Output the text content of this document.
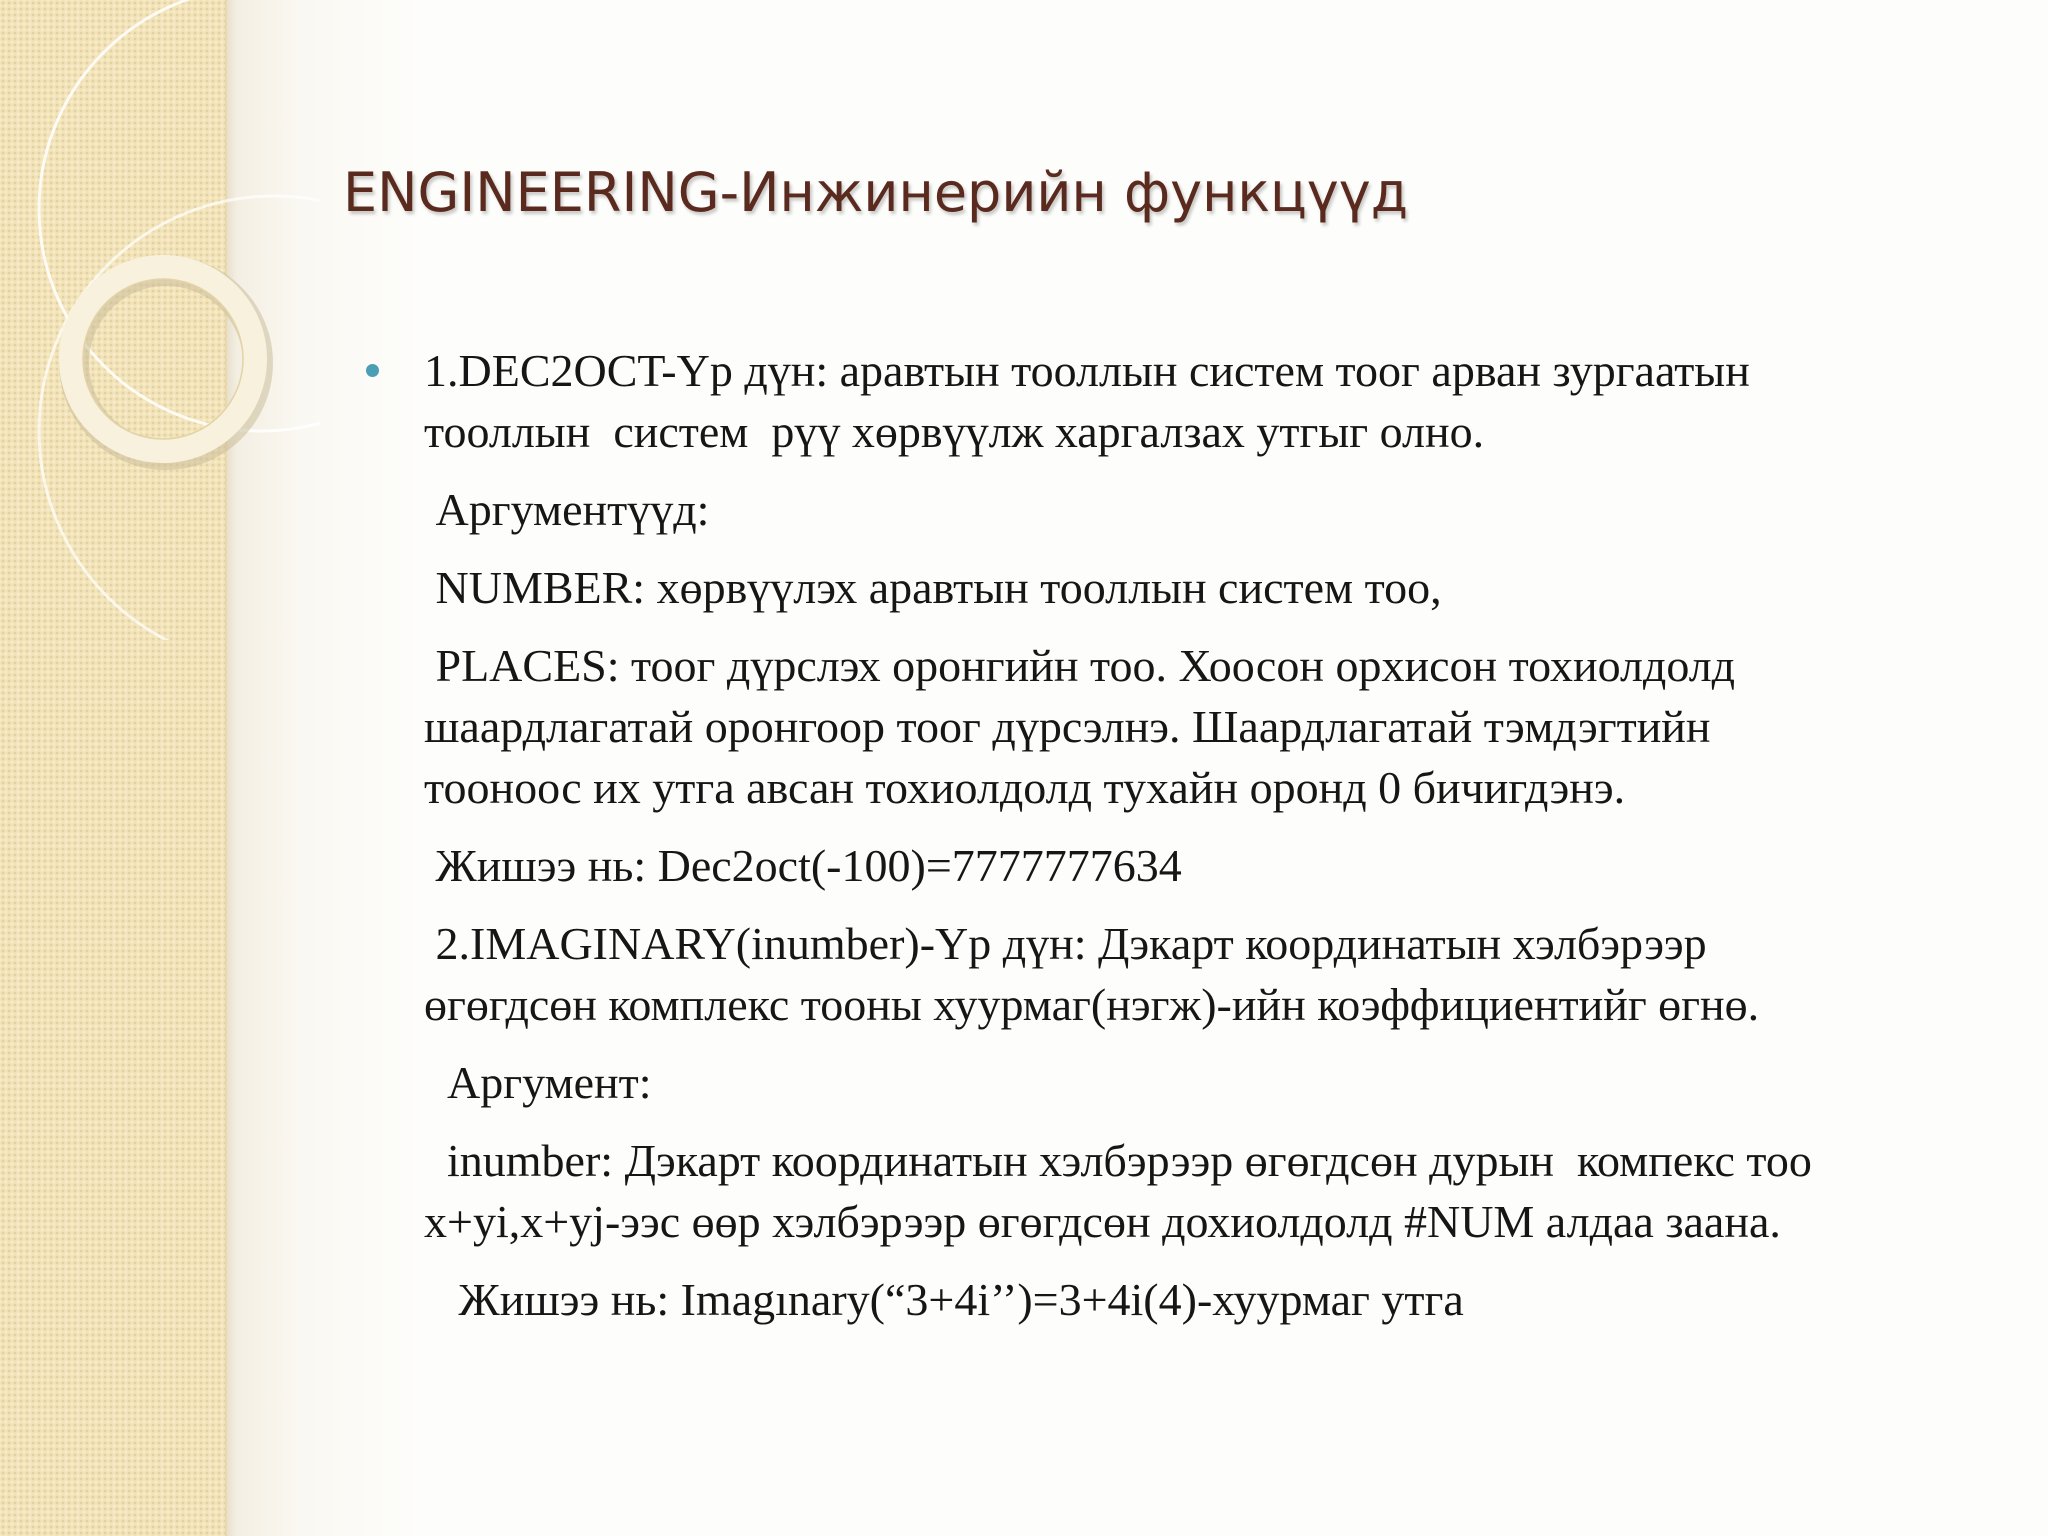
ENGINEERING-Инжинерийн функцүүд

1.DEC2OCT-Үр дүн: аравтын тооллын систем тоог арван зургаатын
тооллын  систем  рүү хөрвүүлж харгалзах утгыг олно.

Аргументүүд:

NUMBER: хөрвүүлэх аравтын тооллын систем тоо,

PLACES: тоог дүрслэх оронгийн тоо. Хоосон орхисон тохиолдолд
шаардлагатай оронгоор тоог дүрсэлнэ. Шаардлагатай тэмдэгтийн
тооноос их утга авсан тохиолдолд тухайн оронд 0 бичигдэнэ.

Жишээ нь: Dec2oct(-100)=7777777634

2.IMAGINARY(inumber)-Үр дүн: Дэкарт координатын хэлбэрээр
өгөгдсөн комплекс тооны хуурмаг(нэгж)-ийн коэффициентийг өгнө.

Аргумент:

inumber: Дэкарт координатын хэлбэрээр өгөгдсөн дурын  компекс тоо
x+yi,x+yj-ээс өөр хэлбэрээр өгөгдсөн дохиолдолд #NUM алдаа заана.

Жишээ нь: Imagınary(“3+4i’’)=3+4i(4)-хуурмаг утга
